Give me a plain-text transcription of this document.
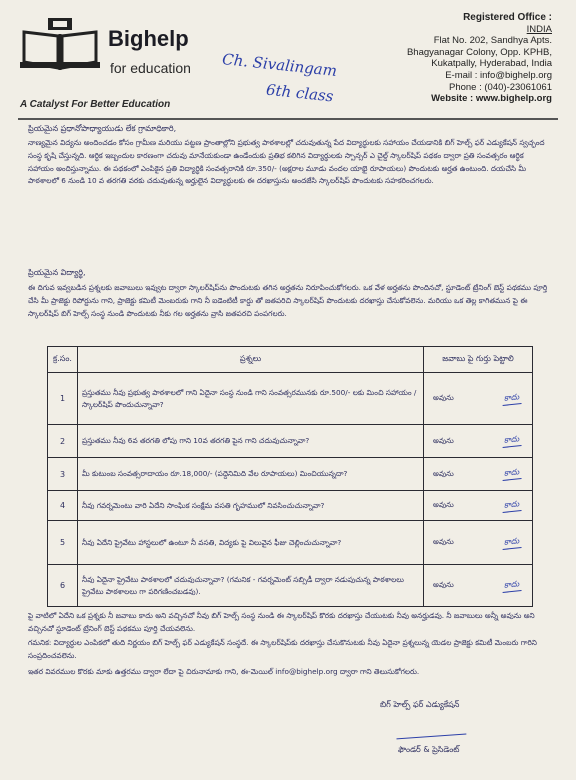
Bighelp
for education
A Catalyst For Better Education
Ch. Sivalingam
6th class
Registered Office :
INDIA
Flat No. 202, Sandhya Apts.
Bhagyanagar Colony, Opp. KPHB,
Kukatpally, Hyderabad, India
E-mail : info@bighelp.org
Phone : (040)-23061061
Website : www.bighelp.org
ప్రియమైన ప్రధానోపాధ్యాయుడు లేక గ్రామాధికారి,
నాణ్యమైన విద్యను అందించడం కోసం గ్రామీణ మరియు పట్టణ ప్రాంతాల్లోని ప్రభుత్వ పాఠశాలల్లో చదువుతున్న పేద విద్యార్థులకు సహాయం చేయడానికి బిగ్ హెల్ప్ ఫర్ ఎడ్యుకేషన్ స్వచ్ఛంద సంస్థ కృషి చేస్తున్నది. ఆర్థిక ఇబ్బందుల కారణంగా చదువు మానేయకుండా ఉండేందుకు ప్రతిభ కలిగిన విద్యార్థులకు స్పాన్సర్ ఎ చైల్డ్ స్కాలర్‌షిప్ పథకం ద్వారా ప్రతి సంవత్సరం ఆర్థిక సహాయం అందిస్తున్నాము. ఈ పథకంలో ఎంపికైన ప్రతి విద్యార్థికి సంవత్సరానికి రూ.350/- (అక్షరాల మూడు వందల యాభై రూపాయలు) పొందుటకు అర్హత ఉంటుంది. దయచేసి మీ పాఠశాలలో 6 నుండి 10 వ తరగతి వరకు చదువుతున్న అర్హులైన విద్యార్థులకు ఈ దరఖాస్తును అందజేసి స్కాలర్‌షిప్ పొందుటకు సహకరించగలరు.
ప్రియమైన విద్యార్థి,
ఈ దిగువ ఇవ్వబడిన ప్రశ్నలకు జవాబులు ఇవ్వుట ద్వారా స్కాలర్‌షిప్‌ను పొందుటకు తగిన అర్హతను నిరూపించుకోగలరు. ఒక వేళ అర్హతను పొందినచో, స్టూడెంట్ ట్రేనింగ్ బెస్ట్ పథకము పూర్తి చేసి మీ ప్రాజెక్టు రిపోర్టును గాని, ప్రాజెక్టు కమిటీ మెంబరుకు గాని నీ ఐడెంటిటీ కార్డు తో జతపరిచి స్కాలర్‌షిప్ పొందుటకు దరఖాస్తు చేసుకోవలెను. మరియు ఒక తెల్ల కాగితమున పై ఈ స్కాలర్‌షిప్ బిగ్ హెల్ప్ సంస్థ నుండి పొందుటకు నీకు గల అర్హతను వ్రాసి జతపరచి పంపగలరు.
క్ర.సం.	ప్రశ్నలు	జవాబు పై గుర్తు పెట్టాలి
1	ప్రస్తుతము నీవు ప్రభుత్వ పాఠశాలలో గాని ఏదైనా సంస్థ నుండి గాని సంవత్సరమునకు రూ.500/- లకు మించి సహాయం / స్కాలర్‌షిప్ పొందుచున్నావా?	అవును కాదు

2	ప్రస్తుతము నీవు 6వ తరగతి లోపు గాని 10వ తరగతి పైన గాని చదువుచున్నావా?	అవును కాదు

3	మీ కుటుంబ సంవత్సరాదాయం రూ.18,000/- (పద్దెనిమిది వేల రూపాయలు) మించియున్నదా?	అవును కాదు

4	నీవు గవర్నమెంటు వారి ఏదేని సాంఘిక సంక్షేమ వసతి గృహములో నివసించుచున్నావా?	అవును కాదు

5	నీవు ఏదేని ప్రైవేటు హాస్టలులో ఉంటూ నీ వసతి, విద్యకు పై విలువైన ఫీజు చెల్లించుచున్నావా?	అవును కాదు

6	నీవు ఏదైనా ప్రైవేటు పాఠశాలలో చదువుచున్నావా? (గమనిక - గవర్నమెంట్ సబ్సిడీ ద్వారా నడుపుచున్న పాఠశాలలు ప్రైవేటు పాఠశాలలు గా పరిగణించబడవు).	అవును కాదు
పై వాటిలో ఏదేని ఒక ప్రశ్నకు నీ జవాబు కాదు అని వచ్చినచో నీవు బిగ్ హెల్ప్ సంస్థ నుండి ఈ స్కాలర్‌షిప్ కొరకు దరఖాస్తు చేయుటకు నీవు అనర్హుడవు. నీ జవాబులు అన్నీ అవును అని వచ్చినచో స్టూడెంట్ ట్రేనింగ్ బెస్ట్ పథకము పూర్తి చేయవలెను.
గమనిక: విద్యార్థుల ఎంపికలో తుది నిర్ణయం బిగ్ హెల్ప్ ఫర్ ఎడ్యుకేషన్ సంస్థదే. ఈ స్కాలర్‌షిప్‌కు దరఖాస్తు చేసుకొనుటకు నీవు ఏదైనా ప్రశ్నలున్న యెడల ప్రాజెక్టు కమిటీ మెంబరు గారిని సంప్రదించవలెను.
ఇతర వివరముల కొరకు మాకు ఉత్తరము ద్వారా లేదా పై చిరునామాకు గాని, ఈ-మెయిల్ info@bighelp.org ద్వారా గాని తెలుసుకోగలరు.
బిగ్ హెల్ప్ ఫర్ ఎడ్యుకేషన్
ఫౌండర్ & ప్రెసిడెంట్
